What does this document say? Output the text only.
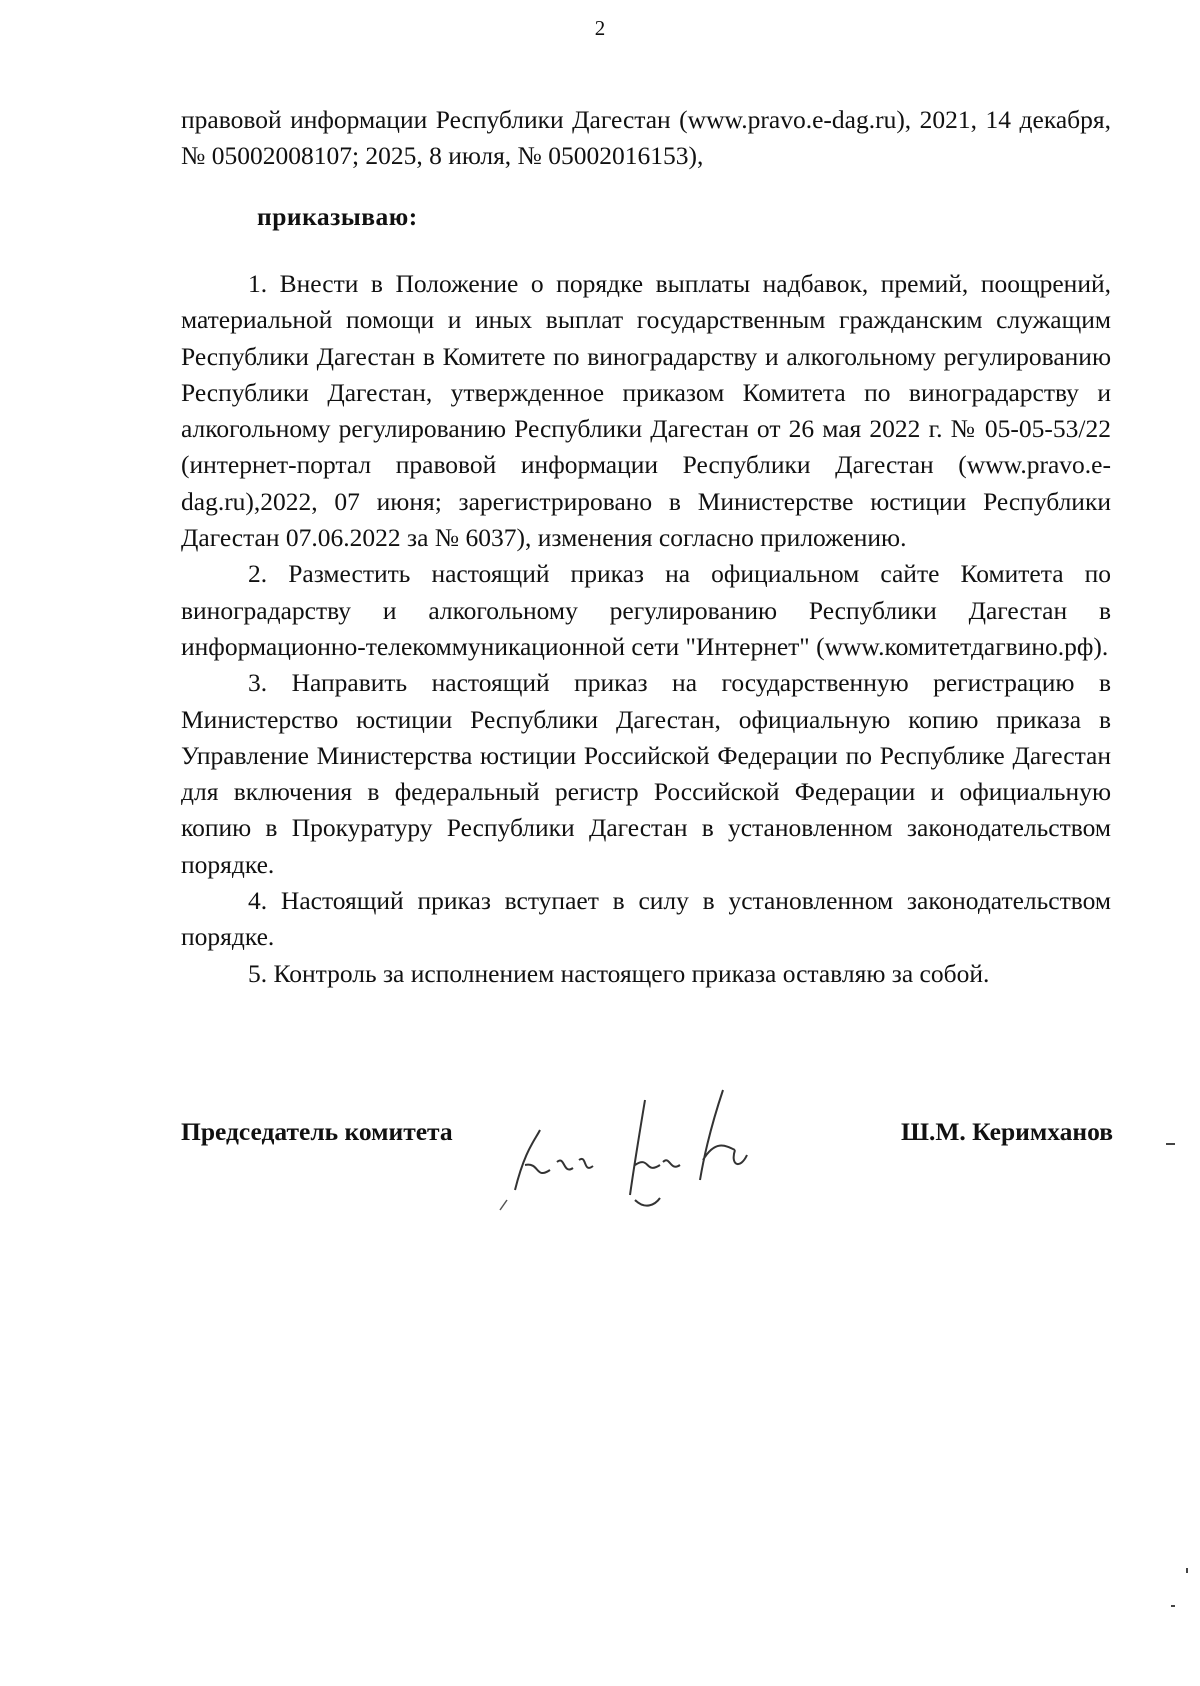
2
правовой информации Республики Дагестан (www.pravo.e-dag.ru), 2021, 14 декабря, № 05002008107; 2025, 8 июля, № 05002016153),
приказываю:

1. Внести в Положение о порядке выплаты надбавок, премий, поощрений, материальной помощи и иных выплат государственным гражданским служащим Республики Дагестан в Комитете по виноградарству и алкогольному регулированию Республики Дагестан, утвержденное приказом Комитета по виноградарству и алкогольному регулированию Республики Дагестан от 26 мая 2022 г. № 05-05-53/22 (интернет-портал правовой информации Республики Дагестан (www.pravo.e-dag.ru),2022, 07 июня; зарегистрировано в Министерстве юстиции Республики Дагестан 07.06.2022 за № 6037), изменения согласно приложению.

2. Разместить настоящий приказ на официальном сайте Комитета по виноградарству и алкогольному регулированию Республики Дагестан в информационно-телекоммуникационной сети "Интернет" (www.комитетдагвино.рф).

3. Направить настоящий приказ на государственную регистрацию в Министерство юстиции Республики Дагестан, официальную копию приказа в Управление Министерства юстиции Российской Федерации по Республике Дагестан для включения в федеральный регистр Российской Федерации и официальную копию в Прокуратуру Республики Дагестан в установленном законодательством порядке.

4. Настоящий приказ вступает в силу в установленном законодательством порядке.

5. Контроль за исполнением настоящего приказа оставляю за собой.

Председатель комитета	Ш.М. Керимханов
